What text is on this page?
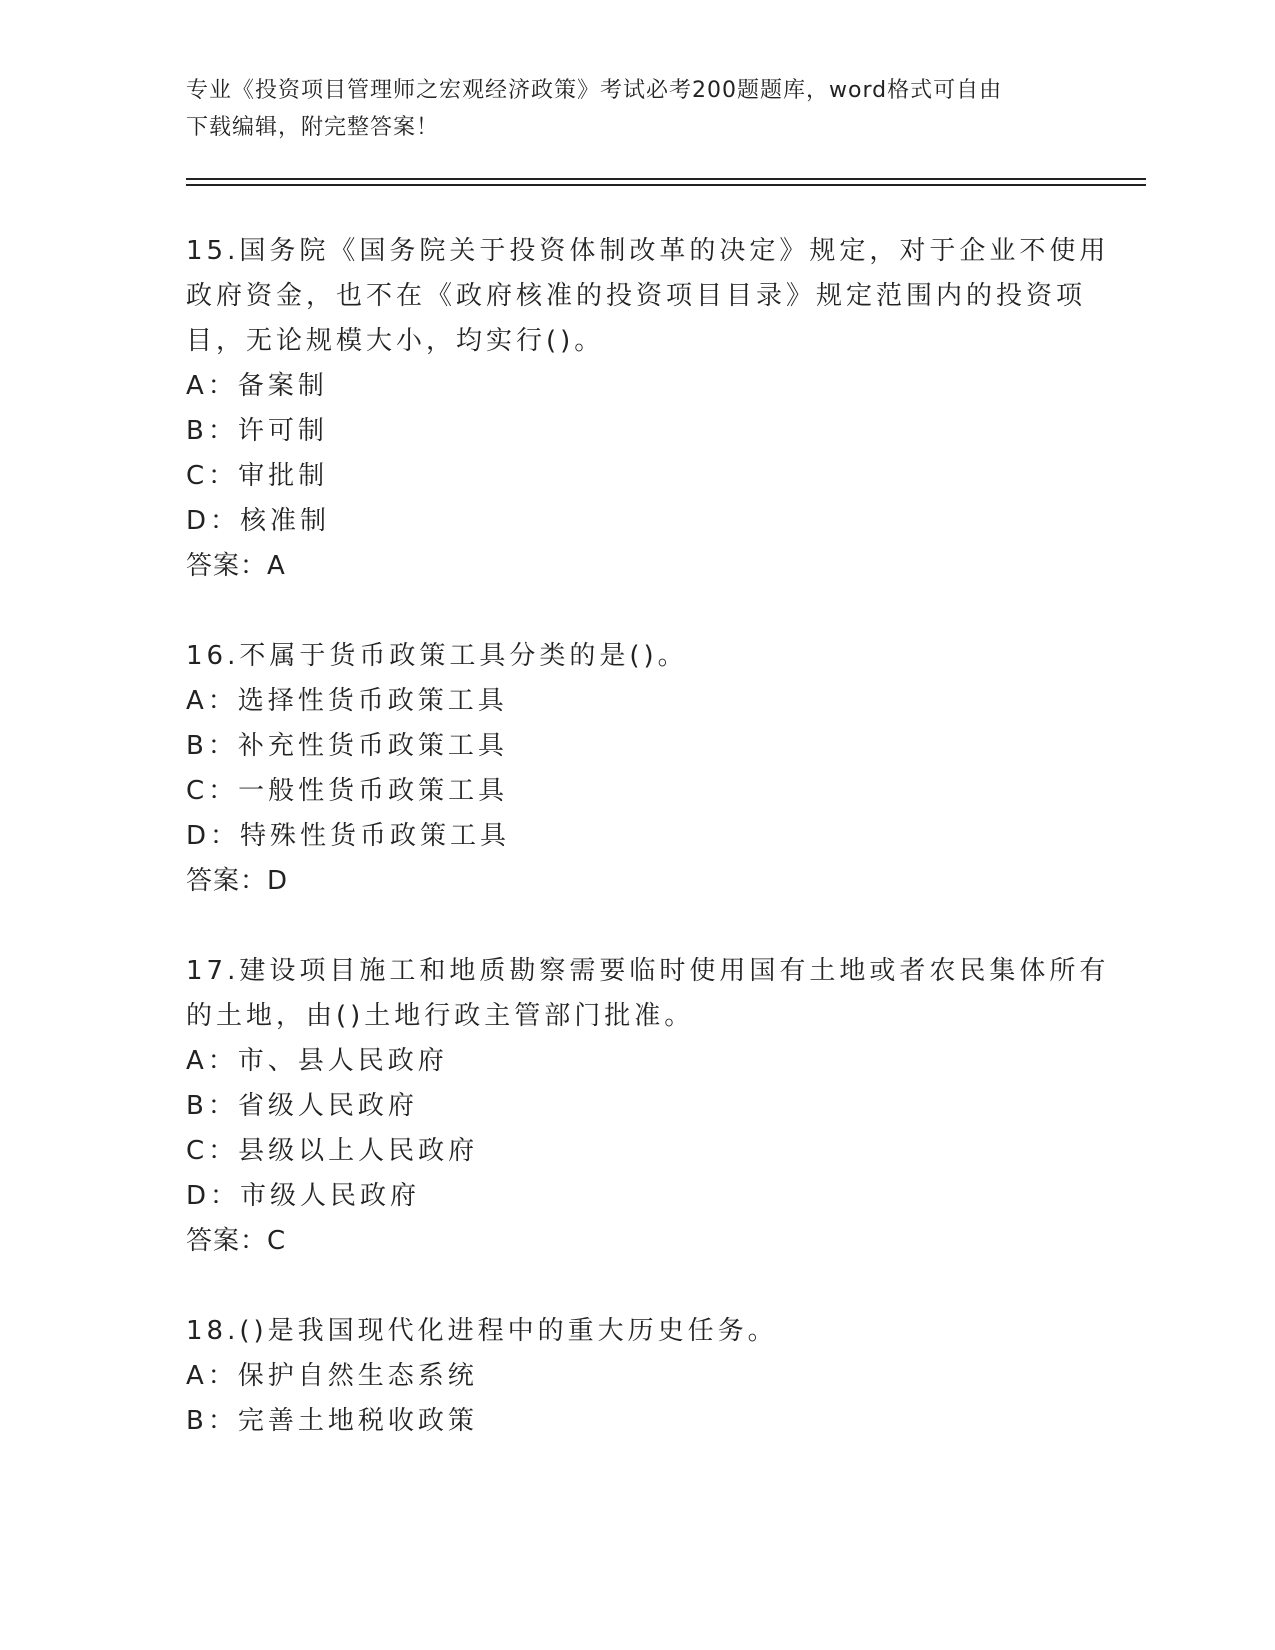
专业《投资项目管理师之宏观经济政策》考试必考200题题库，word格式可自由
下载编辑，附完整答案！
15.国务院《国务院关于投资体制改革的决定》规定，对于企业不使用
政府资金，也不在《政府核准的投资项目目录》规定范围内的投资项
目，无论规模大小，均实行()。
A：备案制
B：许可制
C：审批制
D：核准制
答案：A
16.不属于货币政策工具分类的是()。
A：选择性货币政策工具
B：补充性货币政策工具
C：一般性货币政策工具
D：特殊性货币政策工具
答案：D
17.建设项目施工和地质勘察需要临时使用国有土地或者农民集体所有
的土地，由()土地行政主管部门批准。
A：市、县人民政府
B：省级人民政府
C：县级以上人民政府
D：市级人民政府
答案：C
18.()是我国现代化进程中的重大历史任务。
A：保护自然生态系统
B：完善土地税收政策
